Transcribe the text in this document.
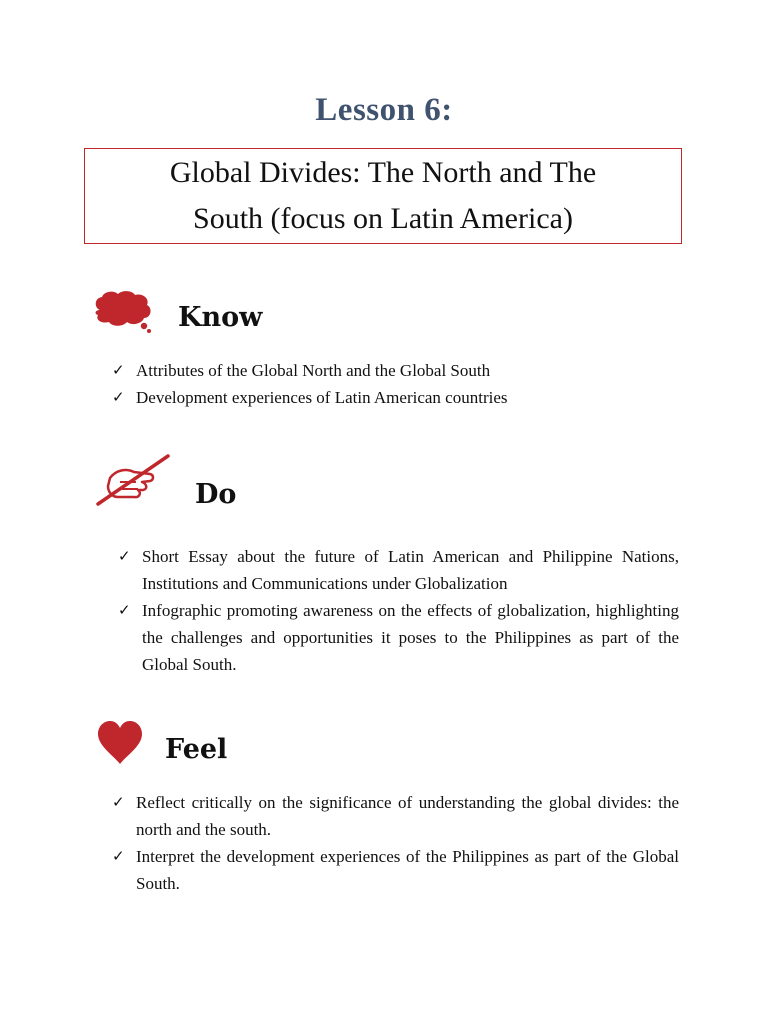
Lesson 6:
Global Divides: The North and The
South (focus on Latin America)
Know
✓ Attributes of the Global North and the Global South
✓ Development experiences of Latin American countries
Do
✓ Short Essay about the future of Latin American and Philippine Nations, Institutions and Communications under Globalization
✓ Infographic promoting awareness on the effects of globalization, highlighting the challenges and opportunities it poses to the Philippines as part of the Global South.
Feel
✓ Reflect critically on the significance of understanding the global divides: the north and the south.
✓ Interpret the development experiences of the Philippines as part of the Global South.
